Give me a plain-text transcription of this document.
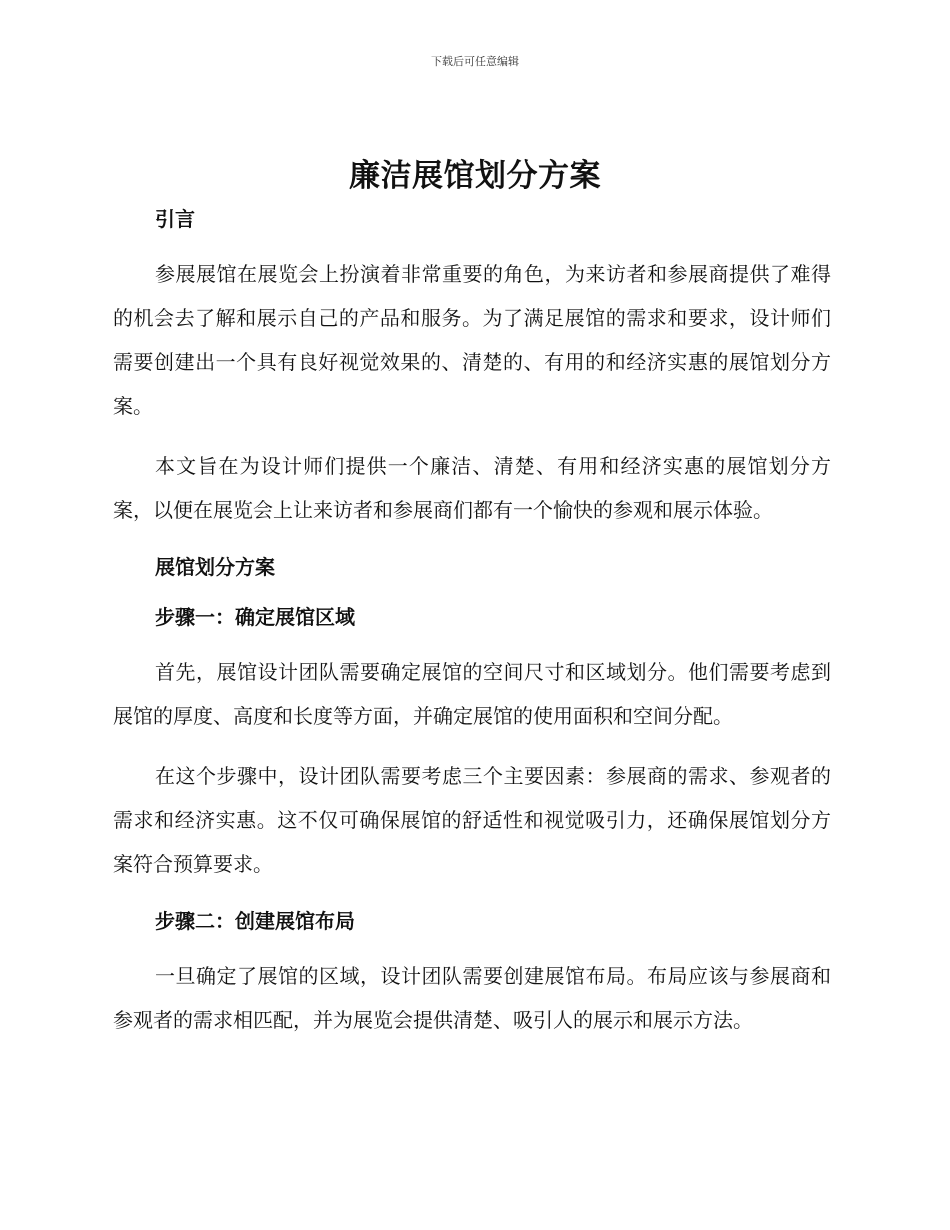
下载后可任意编辑
廉洁展馆划分方案
引言

参展展馆在展览会上扮演着非常重要的角色，为来访者和参展商提供了难得的机会去了解和展示自己的产品和服务。为了满足展馆的需求和要求，设计师们需要创建出一个具有良好视觉效果的、清楚的、有用的和经济实惠的展馆划分方案。

本文旨在为设计师们提供一个廉洁、清楚、有用和经济实惠的展馆划分方案，以便在展览会上让来访者和参展商们都有一个愉快的参观和展示体验。

展馆划分方案
步骤一：确定展馆区域

首先，展馆设计团队需要确定展馆的空间尺寸和区域划分。他们需要考虑到展馆的厚度、高度和长度等方面，并确定展馆的使用面积和空间分配。

在这个步骤中，设计团队需要考虑三个主要因素：参展商的需求、参观者的需求和经济实惠。这不仅可确保展馆的舒适性和视觉吸引力，还确保展馆划分方案符合预算要求。

步骤二：创建展馆布局

一旦确定了展馆的区域，设计团队需要创建展馆布局。布局应该与参展商和参观者的需求相匹配，并为展览会提供清楚、吸引人的展示和展示方法。
